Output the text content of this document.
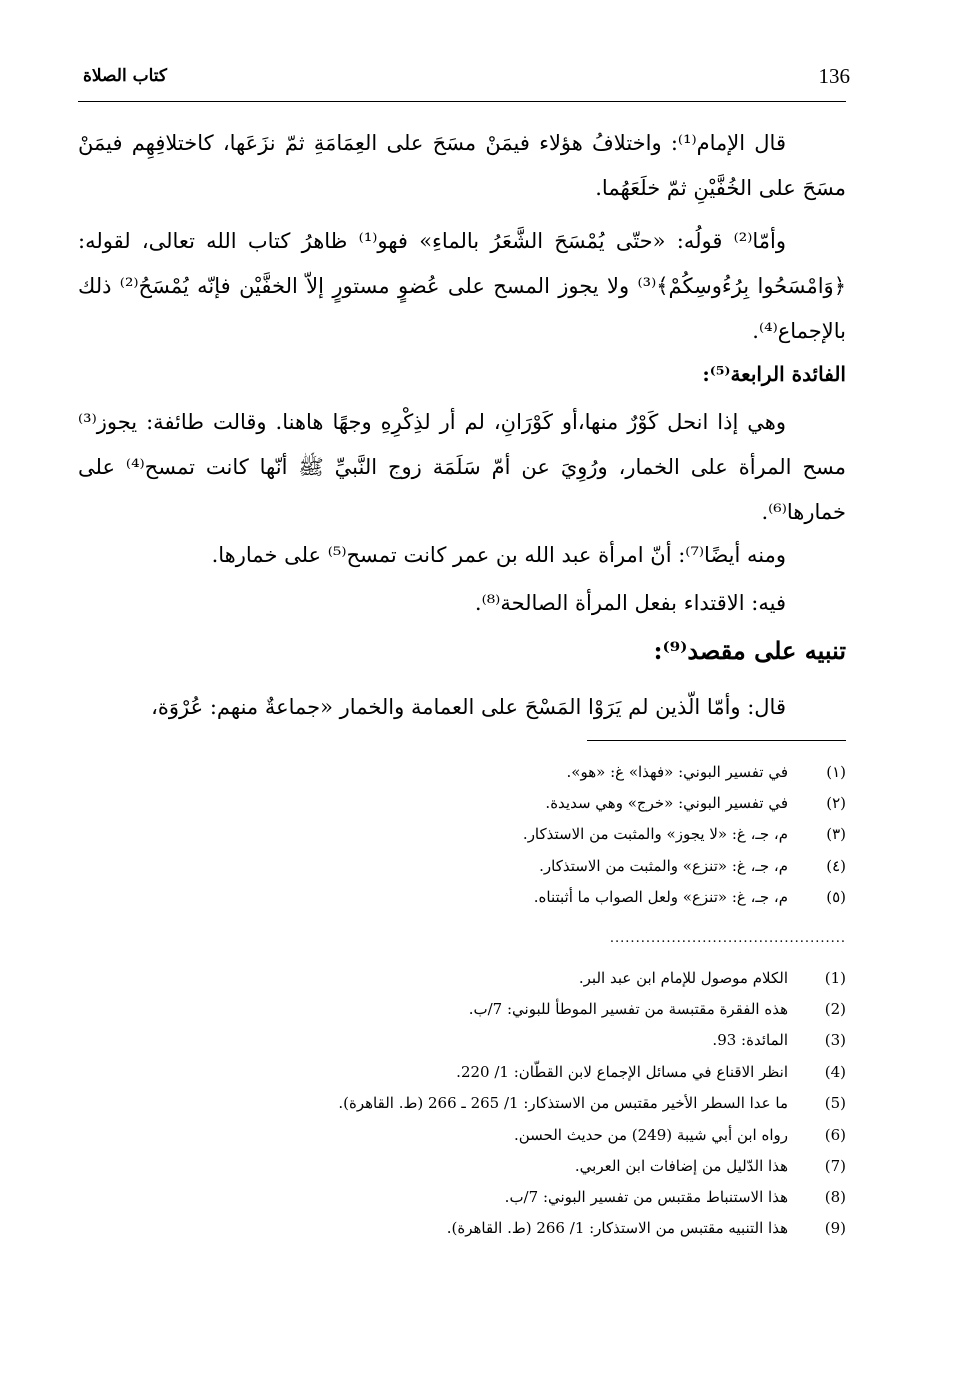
كتاب الصلاة	136
قال الإمام⁽¹⁾: واختلافُ هؤلاء فيمَنْ مسَحَ على العِمَامَةِ ثمّ نزَعَها، كاختلافِهِم فيمَنْ مسَحَ على الخُفَّيْنِ ثمّ خلَعَهُما.
وأمّا⁽²⁾ قولُه: «حتّى يُمْسَحَ الشَّعَرُ بالماءِ» فهو⁽¹⁾ ظاهرُ كتاب الله تعالى، لقوله: ﴿وَامْسَحُوا بِرُءُوسِكُمْ﴾⁽³⁾ ولا يجوز المسح على عُضوٍ مستورٍ إلاّ الخفَّيْن فإنّه يُمْسَحُ⁽²⁾ ذلك بالإجماع⁽⁴⁾.
الفائدة الرابعة⁽⁵⁾:
وهي إذا انحل كَوْرٌ منها،أو كَوْرَانِ، لم أر لذِكْرِهِ وجهًا هاهنا. وقالت طائفة: يجوز⁽³⁾ مسح المرأة على الخمار، ورُوِيَ عن أمّ سَلَمَة زوج النَّبيِّ ﷺ أنّها كانت تمسح⁽⁴⁾ على خمارها⁽⁶⁾.
ومنه أيضًا⁽⁷⁾: أنّ امرأة عبد الله بن عمر كانت تمسح⁽⁵⁾ على خمارها.
فيه: الاقتداء بفعل المرأة الصالحة⁽⁸⁾.
تنبيه على مقصد⁽⁹⁾:
قال: وأمّا الّذين لم يَرَوْا المَسْحَ على العمامة والخمار «جماعةٌ منهم: عُرْوَة،
(١)
في تفسير البوني: «فهذا» غ: «هو».
(٢)
في تفسير البوني: «خرج» وهي سديدة.
(٣)
م، جـ، غ: «لا يجوز» والمثبت من الاستذكار.
(٤)
م، جـ، غ: «تنزع» والمثبت من الاستذكار.
(٥)
م، جـ، غ: «تنزع» ولعل الصواب ما أثبتناه.
..............................................
(1)
الكلام موصول للإمام ابن عبد البر.
(2)
هذه الفقرة مقتبسة من تفسير الموطأ للبوني: 7/ب.
(3)
المائدة: 93.
(4)
انظر الاقناع في مسائل الإجماع لابن القطّان: 1/ 220.
(5)
ما عدا السطر الأخير مقتبس من الاستذكار: 1/ 265 ـ 266 (ط. القاهرة).
(6)
رواه ابن أبي شيبة (249) من حديث الحسن.
(7)
هذا الدّليل من إضافات ابن العربي.
(8)
هذا الاستنباط مقتبس من تفسير البوني: 7/ب.
(9)
هذا التنبيه مقتبس من الاستذكار: 1/ 266 (ط. القاهرة).
